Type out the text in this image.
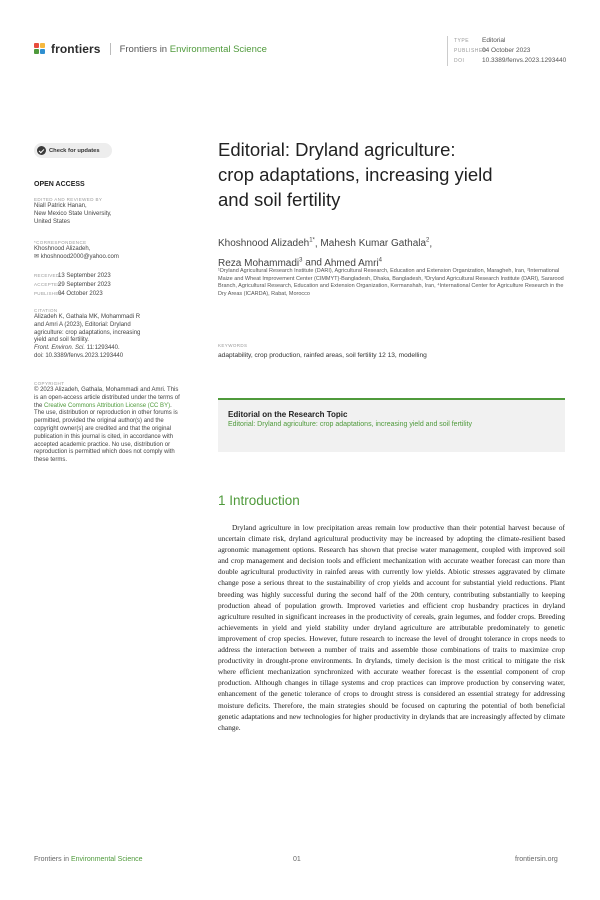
frontiers Frontiers in Environmental Science
TYPE Editorial
PUBLISHED04 October 2023
DOI	10.3389/fenvs.2023.1293440
Check for updates
OPEN ACCESS
EDITED AND REVIEWED BY
Niall Patrick Hanan,
New Mexico State University,
United States
*CORRESPONDENCE
Khoshnood Alizadeh,
✉ khoshnood2000@yahoo.com
RECEIVED13 September 2023
ACCEPTED29 September 2023
PUBLISHED04 October 2023
CITATION
Alizadeh K, Gathala MK, Mohammadi R
and Amri A (2023), Editorial: Dryland
agriculture: crop adaptations, increasing
yield and soil fertility.
Front. Environ. Sci. 11:1293440.
doi: 10.3389/fenvs.2023.1293440
COPYRIGHT
© 2023 Alizadeh, Gathala, Mohammadi and Amri. This is an open-access article distributed under the terms of the Creative Commons Attribution License (CC BY). The use, distribution or reproduction in other forums is permitted, provided the original author(s) and the copyright owner(s) are credited and that the original publication in this journal is cited, in accordance with accepted academic practice. No use, distribution or reproduction is permitted which does not comply with these terms.
Editorial: Dryland agriculture:
crop adaptations, increasing yield
and soil fertility
Khoshnood Alizadeh$^{1*}$, Mahesh Kumar Gathala$^2$,
Reza Mohammadi$^3$ and Ahmed Amri$^4$
¹Dryland Agricultural Research Institute (DARI), Agricultural Research, Education and Extension Organization, Maragheh, Iran, ²International Maize and Wheat Improvement Center (CIMMYT)-Bangladesh, Dhaka, Bangladesh, ³Dryland Agricultural Research Institute (DARI), Sararood Branch, Agricultural Research, Education and Extension Organization, Kermanshah, Iran, ⁴International Center for Agriculture Research in the Dry Areas (ICARDA), Rabat, Morocco
KEYWORDS
adaptability, crop production, rainfed areas, soil fertility 12 13, modelling
Editorial on the Research Topic
Editorial: Dryland agriculture: crop adaptations, increasing yield and soil fertility
1 Introduction

Dryland agriculture in low precipitation areas remain low productive than their potential harvest because of uncertain climate risk, dryland agricultural productivity may be increased by adopting the climate-resilient based agronomic management options. Research has shown that precise water management, coupled with improved soil and crop management and decision tools and efficient mechanization with accurate weather forecast can more than double agricultural productivity in rainfed areas with currently low yields. Abiotic stresses aggravated by climate change pose a serious threat to the sustainability of crop yields and account for substantial yield reductions. Plant breeding was highly successful during the second half of the 20th century, contributing substantially to keeping production ahead of population growth. Improved varieties and efficient crop husbandry practices in dryland agriculture resulted in significant increases in the productivity of cereals, grain legumes, and fodder crops. Breeding achievements in yield and yield stability under dryland agriculture are attributable predominately to genetic improvement of crop species. However, future research to increase the level of drought tolerance in crops needs to address the interaction between a number of traits and assemble those combinations of traits to maximize crop productivity in drought-prone environments. In drylands, timely decision is the most critical to mitigate the risk where efficient mechanization synchronized with accurate weather forecast is the essential component of crop production. Although changes in tillage systems and crop practices can improve production by conserving water, enhancement of the genetic tolerance of crops to drought stress is considered an essential strategy for addressing moisture deficits. Therefore, the main strategies should be focused on capturing the potential of both beneficial genetic adaptations and new technologies for higher productivity in drylands that are increasingly affected by climate change.

Frontiers in Environmental Science	01	frontiersin.org
